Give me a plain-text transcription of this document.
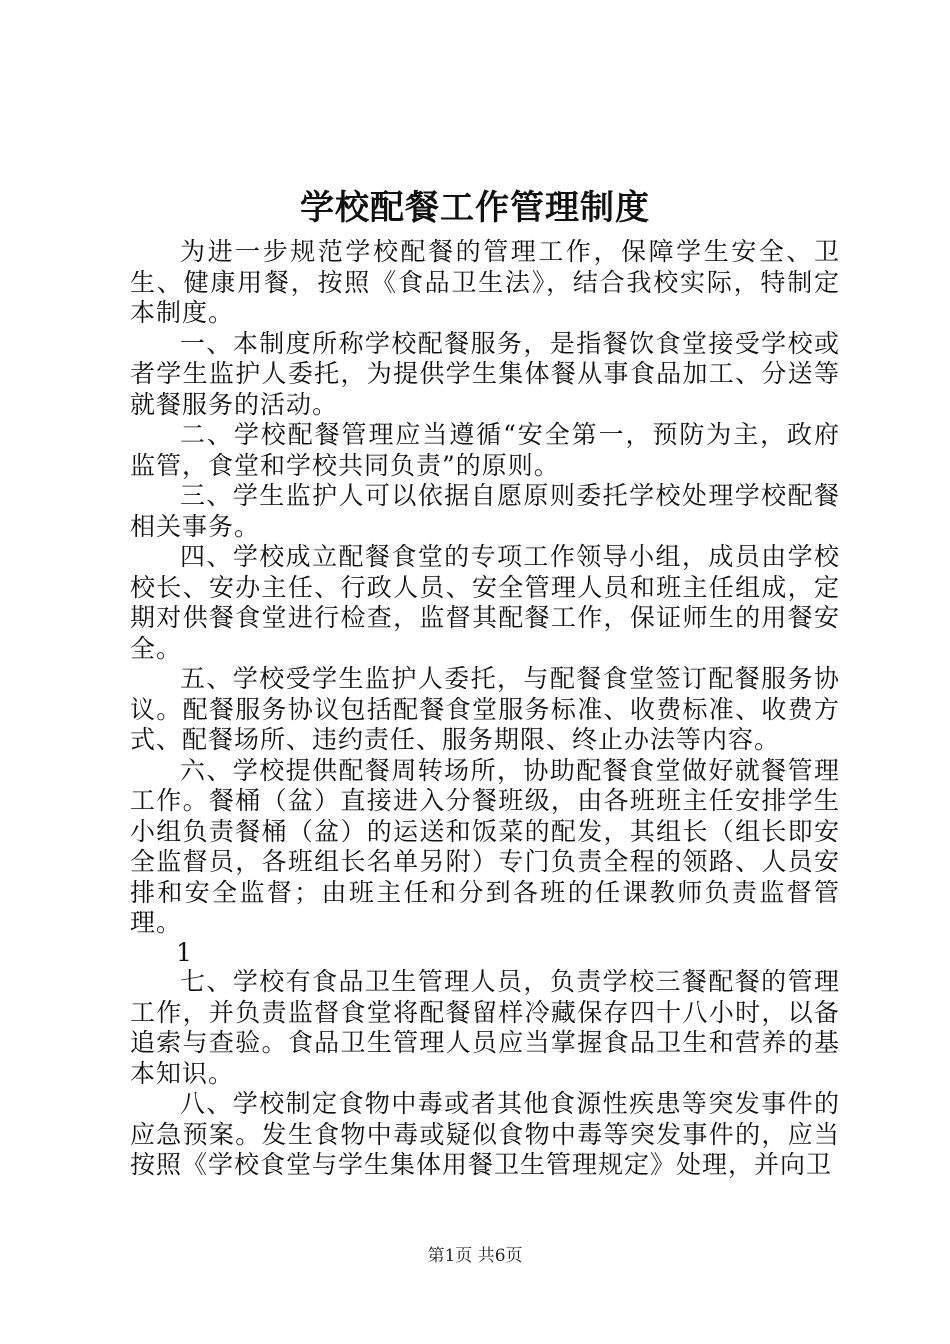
学校配餐工作管理制度

为进一步规范学校配餐的管理工作，保障学生安全、卫生、健康用餐，按照《食品卫生法》，结合我校实际，特制定本制度。

一、本制度所称学校配餐服务，是指餐饮食堂接受学校或者学生监护人委托，为提供学生集体餐从事食品加工、分送等就餐服务的活动。

二、学校配餐管理应当遵循“安全第一，预防为主，政府监管，食堂和学校共同负责”的原则。

三、学生监护人可以依据自愿原则委托学校处理学校配餐相关事务。

四、学校成立配餐食堂的专项工作领导小组，成员由学校校长、安办主任、行政人员、安全管理人员和班主任组成，定期对供餐食堂进行检查，监督其配餐工作，保证师生的用餐安全。

五、学校受学生监护人委托，与配餐食堂签订配餐服务协议。配餐服务协议包括配餐食堂服务标准、收费标准、收费方式、配餐场所、违约责任、服务期限、终止办法等内容。

六、学校提供配餐周转场所，协助配餐食堂做好就餐管理工作。餐桶（盆）直接进入分餐班级，由各班班主任安排学生小组负责餐桶（盆）的运送和饭菜的配发，其组长（组长即安全监督员，各班组长名单另附）专门负责全程的领路、人员安排和安全监督；由班主任和分到各班的任课教师负责监督管理。

1

七、学校有食品卫生管理人员，负责学校三餐配餐的管理工作，并负责监督食堂将配餐留样冷藏保存四十八小时，以备追索与查验。食品卫生管理人员应当掌握食品卫生和营养的基本知识。

八、学校制定食物中毒或者其他食源性疾患等突发事件的应急预案。发生食物中毒或疑似食物中毒等突发事件的，应当按照《学校食堂与学生集体用餐卫生管理规定》处理，并向卫

第1页 共6页
